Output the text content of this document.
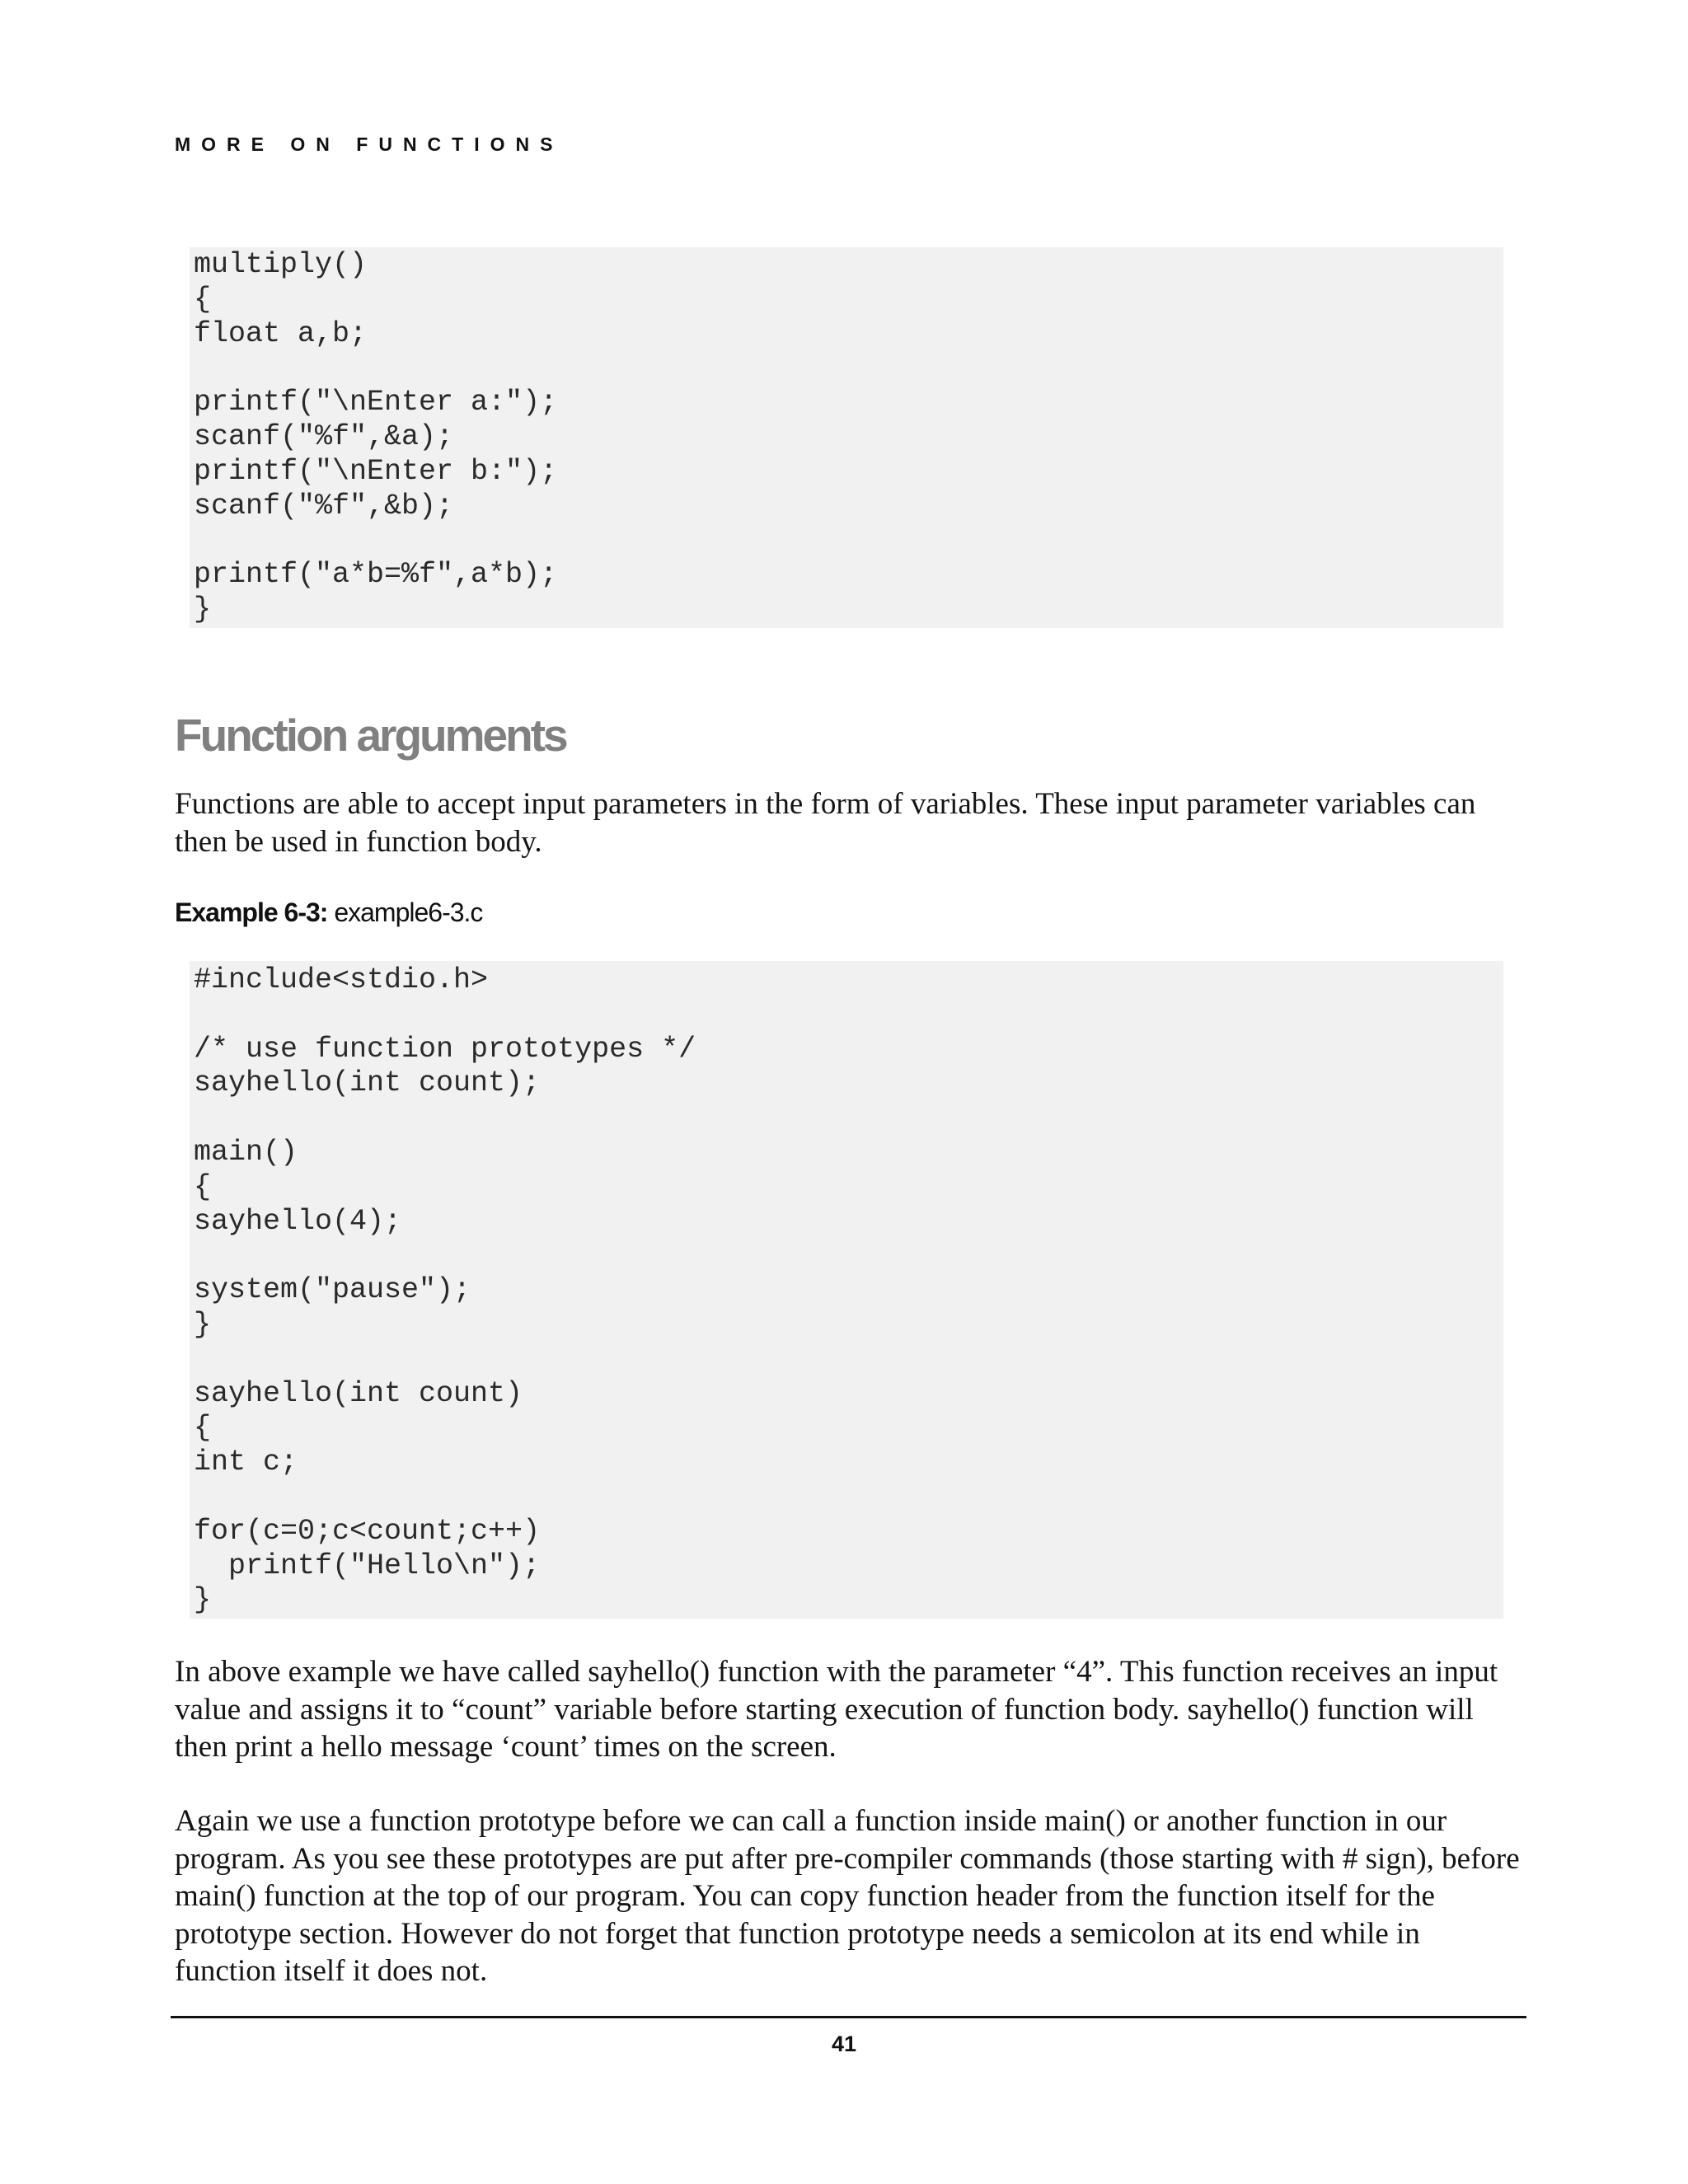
MORE ON FUNCTIONS
multiply()
{
float a,b;

printf("\nEnter a:");
scanf("%f",&a);
printf("\nEnter b:");
scanf("%f",&b);

printf("a*b=%f",a*b);
}
Function arguments

Functions are able to accept input parameters in the form of variables. These input parameter variables can then be used in function body.

Example 6-3: example6-3.c

#include<stdio.h>

/* use function prototypes */
sayhello(int count);

main()
{
sayhello(4);

system("pause");
}

sayhello(int count)
{
int c;

for(c=0;c<count;c++)
printf("Hello\n");
}

In above example we have called sayhello() function with the parameter “4”. This function receives an input value and assigns it to “count” variable before starting execution of function body. sayhello() function will then print a hello message ‘count’ times on the screen.

Again we use a function prototype before we can call a function inside main() or another function in our program. As you see these prototypes are put after pre-compiler commands (those starting with # sign), before main() function at the top of our program. You can copy function header from the function itself for the prototype section. However do not forget that function prototype needs a semicolon at its end while in function itself it does not.

41
